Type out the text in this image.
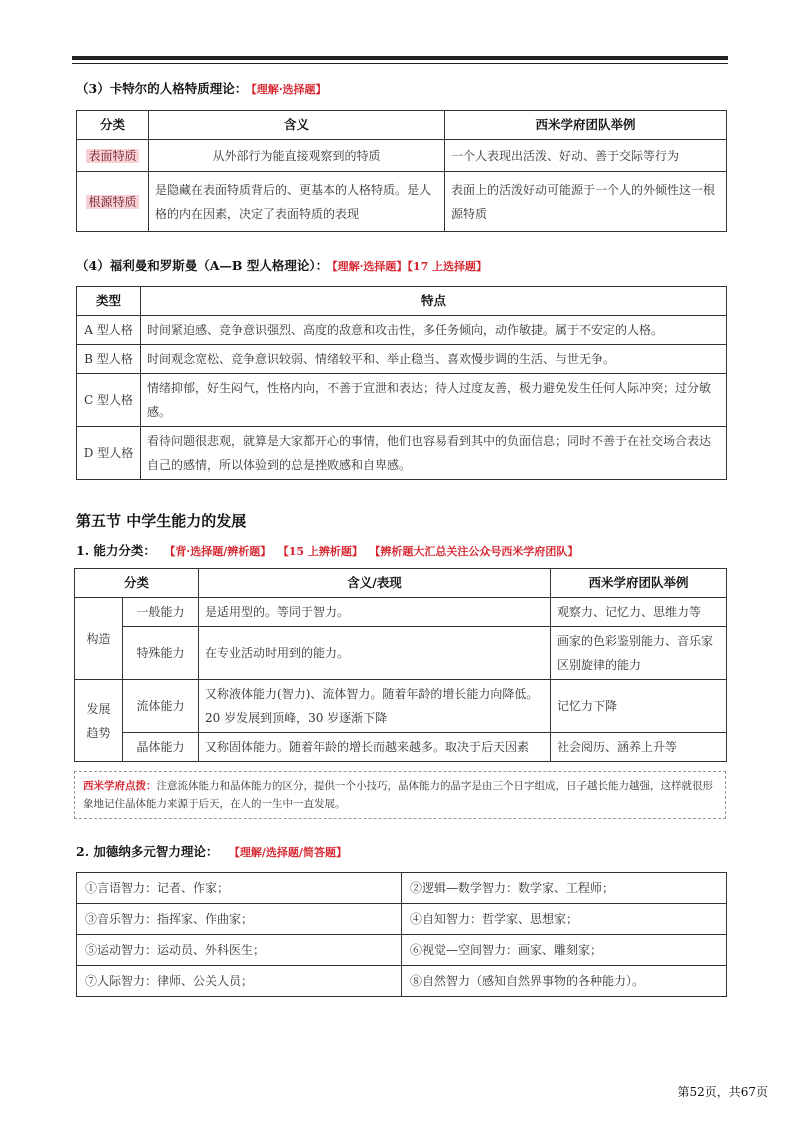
（3）卡特尔的人格特质理论： 【理解·选择题】
分类	含义	西米学府团队举例
表面特质	从外部行为能直接观察到的特质	一个人表现出活泼、好动、善于交际等行为
根源特质	是隐藏在表面特质背后的、更基本的人格特质。是人格的内在因素，决定了表面特质的表现	表面上的活泼好动可能源于一个人的外倾性这一根源特质
（4）福利曼和罗斯曼（A—B 型人格理论）： 【理解·选择题】【17 上选择题】
类型	特点
A 型人格	时间紧迫感、竞争意识强烈、高度的敌意和攻击性，多任务倾向，动作敏捷。属于不安定的人格。
B 型人格	时间观念宽松、竞争意识较弱、情绪较平和、举止稳当、喜欢慢步调的生活、与世无争。
C 型人格	情绪抑郁，好生闷气，性格内向，不善于宣泄和表达；待人过度友善，极力避免发生任何人际冲突；过分敏感。
D 型人格	看待问题很悲观，就算是大家都开心的事情，他们也容易看到其中的负面信息；同时不善于在社交场合表达自己的感情，所以体验到的总是挫败感和自卑感。
第五节 中学生能力的发展
1. 能力分类： 【背·选择题/辨析题】 【15 上辨析题】 【辨析题大汇总关注公众号西米学府团队】
分类		含义/表现	西米学府团队举例
构造	一般能力	是适用型的。等同于智力。	观察力、记忆力、思维力等
	特殊能力	在专业活动时用到的能力。	画家的色彩鉴别能力、音乐家区别旋律的能力
发展趋势	流体能力	又称液体能力(智力)、流体智力。随着年龄的增长能力向降低。20 岁发展到顶峰，30 岁逐渐下降	记忆力下降
	晶体能力	又称固体能力。随着年龄的增长而越来越多。取决于后天因素	社会阅历、涵养上升等
西米学府点拨：注意流体能力和晶体能力的区分，提供一个小技巧，晶体能力的晶字是由三个日字组成，日子越长能力越强，这样就很形象地记住晶体能力来源于后天，在人的一生中一直发展。
2. 加德纳多元智力理论： 【理解/选择题/简答题】
①言语智力：记者、作家；	②逻辑—数学智力：数学家、工程师；
③音乐智力：指挥家、作曲家；	④自知智力：哲学家、思想家；
⑤运动智力：运动员、外科医生；	⑥视觉—空间智力：画家、雕刻家；
⑦人际智力：律师、公关人员；	⑧自然智力（感知自然界事物的各种能力）。
第52页，共67页
